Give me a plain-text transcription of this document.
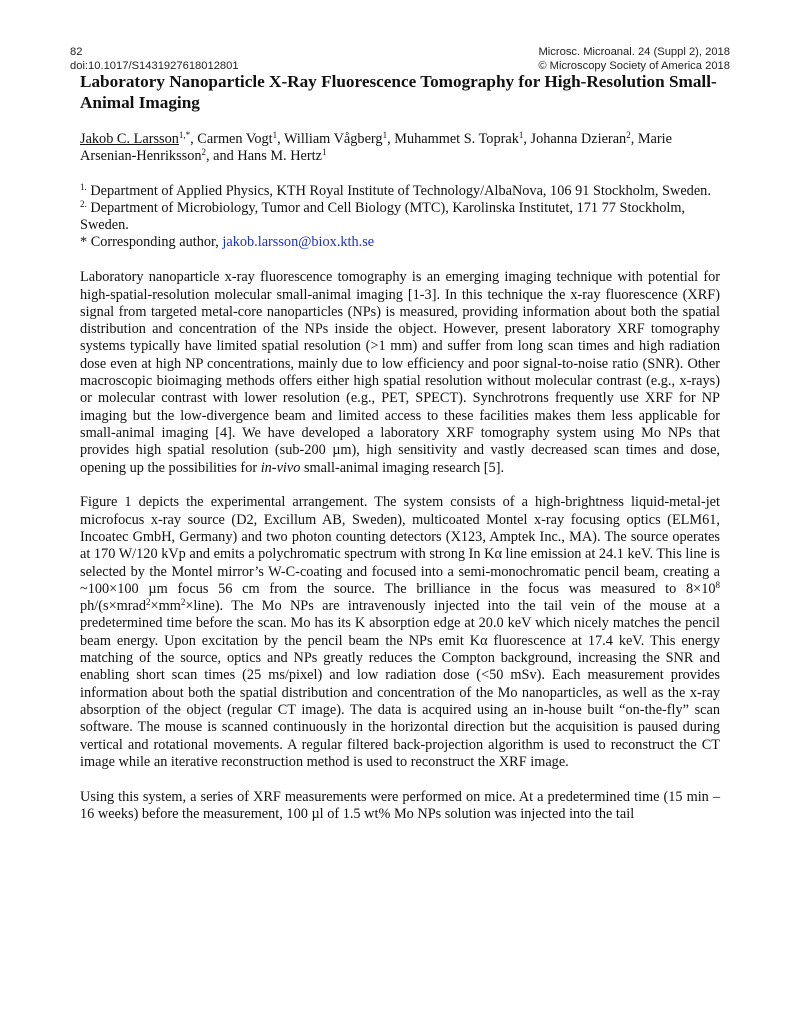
82	Microsc. Microanal. 24 (Suppl 2), 2018
doi:10.1017/S1431927618012801	© Microscopy Society of America 2018
Laboratory Nanoparticle X-Ray Fluorescence Tomography for High-Resolution Small-Animal Imaging
Jakob C. Larsson$^{1,*}$, Carmen Vogt$^1$, William Vågberg$^1$, Muhammet S. Toprak$^1$, Johanna Dzieran$^2$, Marie Arsenian-Henriksson$^2$, and Hans M. Hertz$^1$
$^{1.}$ Department of Applied Physics, KTH Royal Institute of Technology/AlbaNova, 106 91 Stockholm, Sweden.
$^{2.}$ Department of Microbiology, Tumor and Cell Biology (MTC), Karolinska Institutet, 171 77 Stockholm, Sweden.
* Corresponding author, jakob.larsson@biox.kth.se

Laboratory nanoparticle x-ray fluorescence tomography is an emerging imaging technique with potential for high-spatial-resolution molecular small-animal imaging [1-3]. In this technique the x-ray fluorescence (XRF) signal from targeted metal-core nanoparticles (NPs) is measured, providing information about both the spatial distribution and concentration of the NPs inside the object. However, present laboratory XRF tomography systems typically have limited spatial resolution (>1 mm) and suffer from long scan times and high radiation dose even at high NP concentrations, mainly due to low efficiency and poor signal-to-noise ratio (SNR). Other macroscopic bioimaging methods offers either high spatial resolution without molecular contrast (e.g., x-rays) or molecular contrast with lower resolution (e.g., PET, SPECT). Synchrotrons frequently use XRF for NP imaging but the low-divergence beam and limited access to these facilities makes them less applicable for small-animal imaging [4]. We have developed a laboratory XRF tomography system using Mo NPs that provides high spatial resolution (sub-200 µm), high sensitivity and vastly decreased scan times and dose, opening up the possibilities for in-vivo small-animal imaging research [5].

Figure 1 depicts the experimental arrangement. The system consists of a high-brightness liquid-metal-jet microfocus x-ray source (D2, Excillum AB, Sweden), multicoated Montel x-ray focusing optics (ELM61, Incoatec GmbH, Germany) and two photon counting detectors (X123, Amptek Inc., MA). The source operates at 170 W/120 kVp and emits a polychromatic spectrum with strong In Kα line emission at 24.1 keV. This line is selected by the Montel mirror’s W-C-coating and focused into a semi-monochromatic pencil beam, creating a ~100×100 µm focus 56 cm from the source. The brilliance in the focus was measured to $8\times 10^8$ $ph/(s\times mrad^2\times mm^2\times line)$. The Mo NPs are intravenously injected into the tail vein of the mouse at a predetermined time before the scan. Mo has its K absorption edge at 20.0 keV which nicely matches the pencil beam energy. Upon excitation by the pencil beam the NPs emit Kα fluorescence at 17.4 keV. This energy matching of the source, optics and NPs greatly reduces the Compton background, increasing the SNR and enabling short scan times (25 ms/pixel) and low radiation dose (<50 mSv). Each measurement provides information about both the spatial distribution and concentration of the Mo nanoparticles, as well as the x-ray absorption of the object (regular CT image). The data is acquired using an in-house built “on-the-fly” scan software. The mouse is scanned continuously in the horizontal direction but the acquisition is paused during vertical and rotational movements. A regular filtered back-projection algorithm is used to reconstruct the CT image while an iterative reconstruction method is used to reconstruct the XRF image.

Using this system, a series of XRF measurements were performed on mice. At a predetermined time (15 min – 16 weeks) before the measurement, 100 µl of 1.5 wt% Mo NPs solution was injected into the tail
